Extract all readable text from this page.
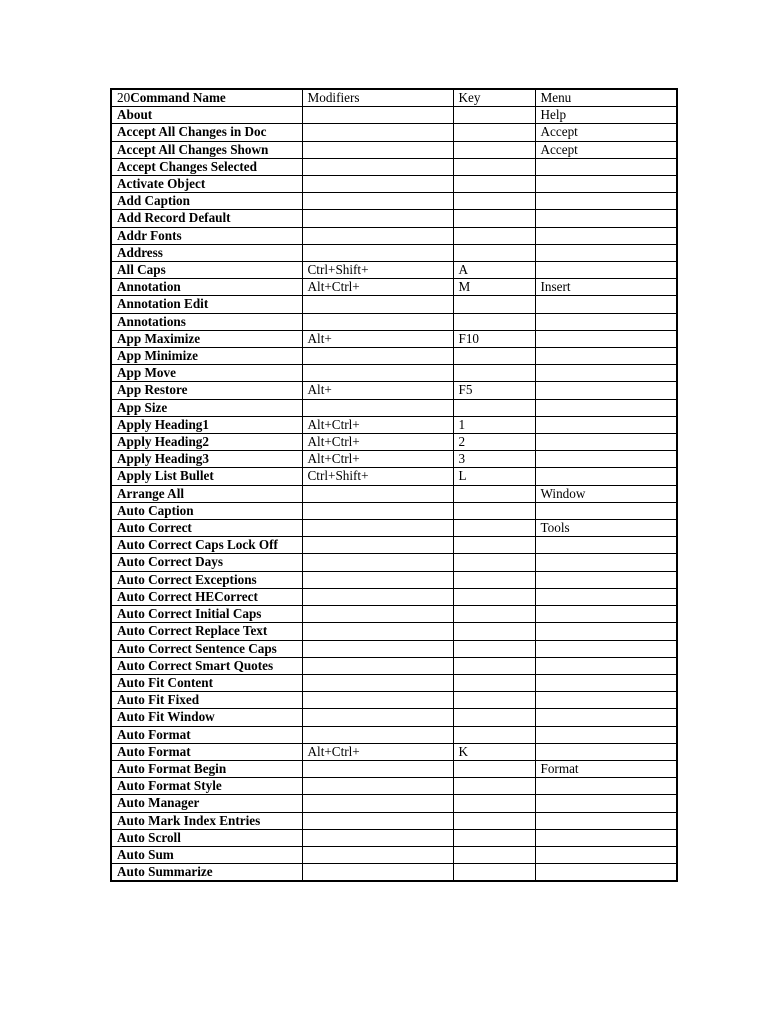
20Command Name	Modifiers	Key	Menu
About			Help
Accept All Changes in Doc			Accept
Accept All Changes Shown			Accept
Accept Changes Selected			
Activate Object			
Add Caption			
Add Record Default			
Addr Fonts			
Address			
All Caps	Ctrl+Shift+	A	
Annotation	Alt+Ctrl+	M	Insert
Annotation Edit			
Annotations			
App Maximize	Alt+	F10	
App Minimize			
App Move			
App Restore	Alt+	F5	
App Size			
Apply Heading1	Alt+Ctrl+	1	
Apply Heading2	Alt+Ctrl+	2	
Apply Heading3	Alt+Ctrl+	3	
Apply List Bullet	Ctrl+Shift+	L	
Arrange All			Window
Auto Caption			
Auto Correct			Tools
Auto Correct Caps Lock Off			
Auto Correct Days			
Auto Correct Exceptions			
Auto Correct HECorrect			
Auto Correct Initial Caps			
Auto Correct Replace Text			
Auto Correct Sentence Caps			
Auto Correct Smart Quotes			
Auto Fit Content			
Auto Fit Fixed			
Auto Fit Window			
Auto Format			
Auto Format	Alt+Ctrl+	K	
Auto Format Begin			Format
Auto Format Style			
Auto Manager			
Auto Mark Index Entries			
Auto Scroll			
Auto Sum			
Auto Summarize			
